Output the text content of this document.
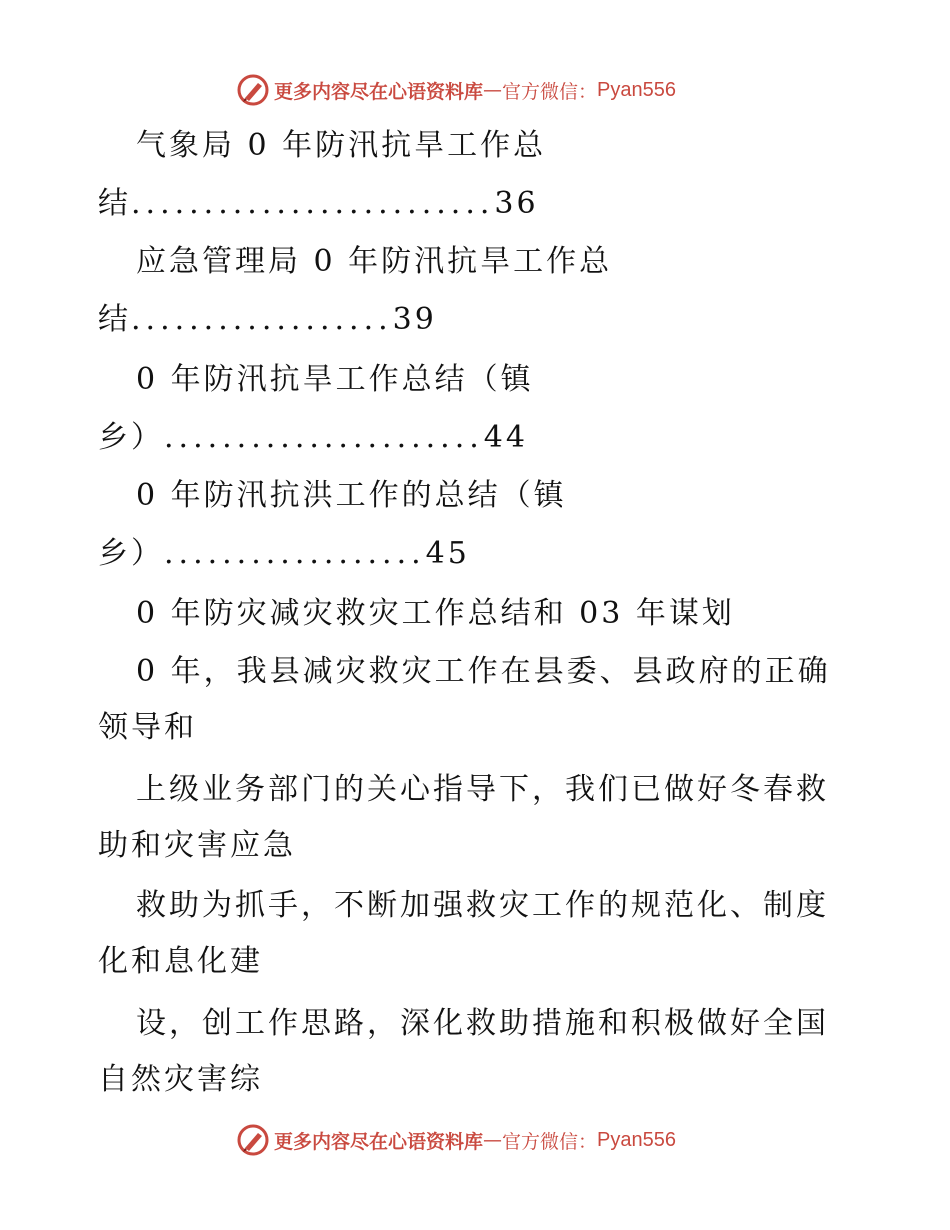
更多内容尽在心语资料库 — 官方微信： Pyan556
气象局 0 年防汛抗旱工作总
结.........................36
应急管理局 0 年防汛抗旱工作总
结..................39
0 年防汛抗旱工作总结（镇
乡）......................44
0 年防汛抗洪工作的总结（镇
乡）..................45
0 年防灾减灾救灾工作总结和 03 年谋划
0 年，我县减灾救灾工作在县委、县政府的正确
领导和
上级业务部门的关心指导下，我们已做好冬春救
助和灾害应急
救助为抓手，不断加强救灾工作的规范化、制度
化和息化建
设，创工作思路，深化救助措施和积极做好全国
自然灾害综
更多内容尽在心语资料库 — 官方微信： Pyan556
